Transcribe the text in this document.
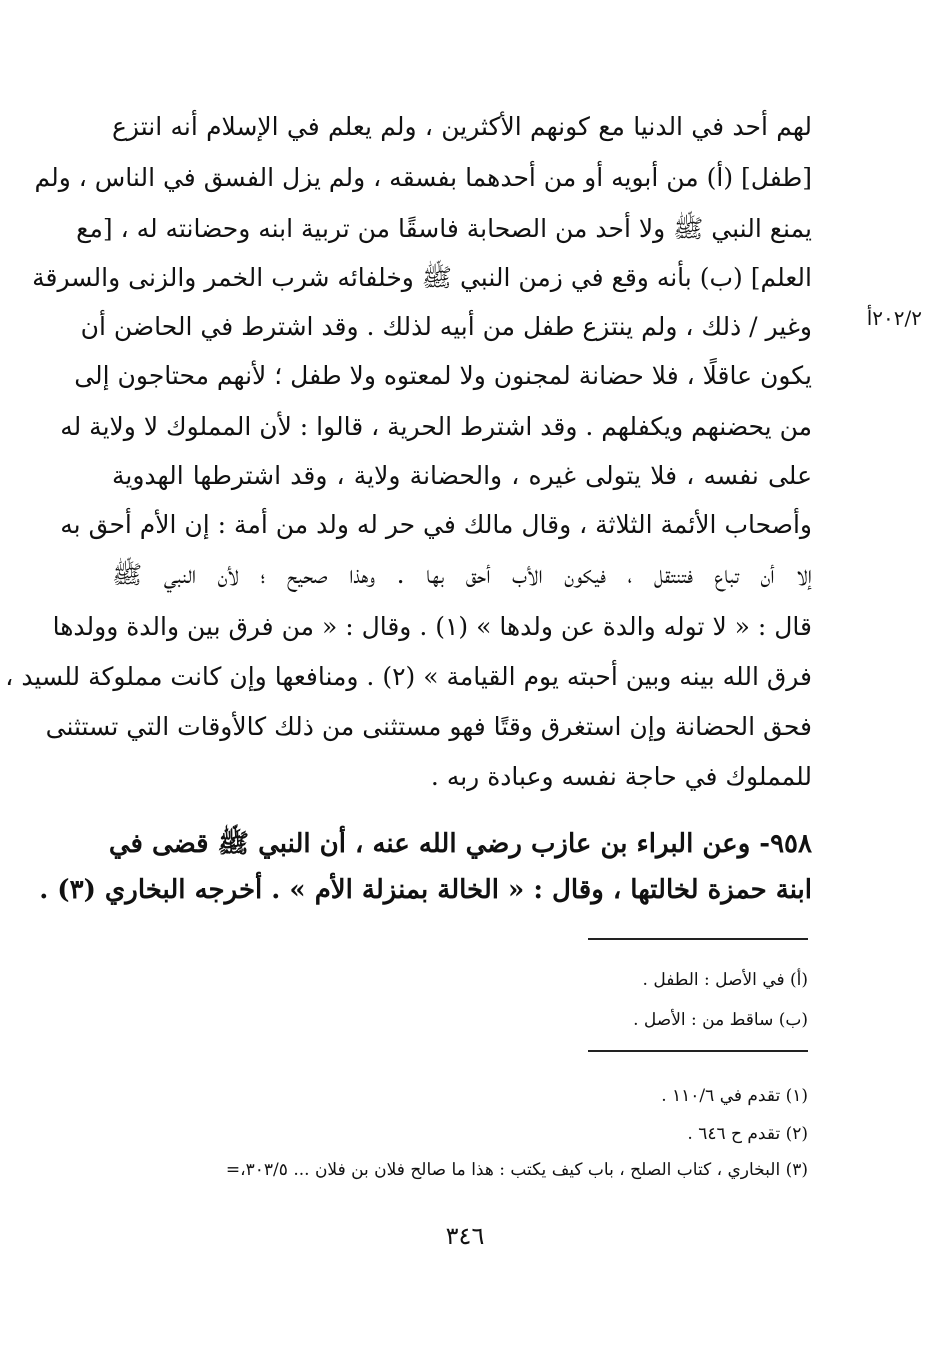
لهم أحد في الدنيا مع كونهم الأكثرين ، ولم يعلم في الإسلام أنه انتزع
[طفل] (أ) من أبويه أو من أحدهما بفسقه ، ولم يزل الفسق في الناس ، ولم
يمنع النبي ﷺ ولا أحد من الصحابة فاسقًا من تربية ابنه وحضانته له ، [مع
العلم] (ب) بأنه وقع في زمن النبي ﷺ وخلفائه شرب الخمر والزنى والسرقة
وغير / ذلك ، ولم ينتزع طفل من أبيه لذلك . وقد اشترط في الحاضن أن
يكون عاقلًا ، فلا حضانة لمجنون ولا لمعتوه ولا طفل ؛ لأنهم محتاجون إلى
من يحضنهم ويكفلهم . وقد اشترط الحرية ، قالوا : لأن المملوك لا ولاية له
على نفسه ، فلا يتولى غيره ، والحضانة ولاية ، وقد اشترطها الهدوية
وأصحاب الأئمة الثلاثة ، وقال مالك في حر له ولد من أمة : إن الأم أحق به
إلا أن تباع فتنتقل ، فيكون الأب أحق بها . وهذا صحيح ؛ لأن النبي ﷺ
قال : « لا توله والدة عن ولدها » (١) . وقال : « من فرق بين والدة وولدها
فرق الله بينه وبين أحبته يوم القيامة » (٢) . ومنافعها وإن كانت مملوكة للسيد ،
فحق الحضانة وإن استغرق وقتًا فهو مستثنى من ذلك كالأوقات التي تستثنى
للمملوك في حاجة نفسه وعبادة ربه .
٢٠٢/٢أ
٩٥٨- وعن البراء بن عازب رضي الله عنه ، أن النبي ﷺ قضى في
ابنة حمزة لخالتها ، وقال : « الخالة بمنزلة الأم » . أخرجه البخاري (٣) .
(أ) في الأصل : الطفل .
(ب) ساقط من : الأصل .
(١) تقدم في ١١٠/٦ .
(٢) تقدم ح ٦٤٦ .
(٣) البخاري ، كتاب الصلح ، باب كيف يكتب : هذا ما صالح فلان بن فلان ... ٣٠٣/٥،=
٣٤٦
